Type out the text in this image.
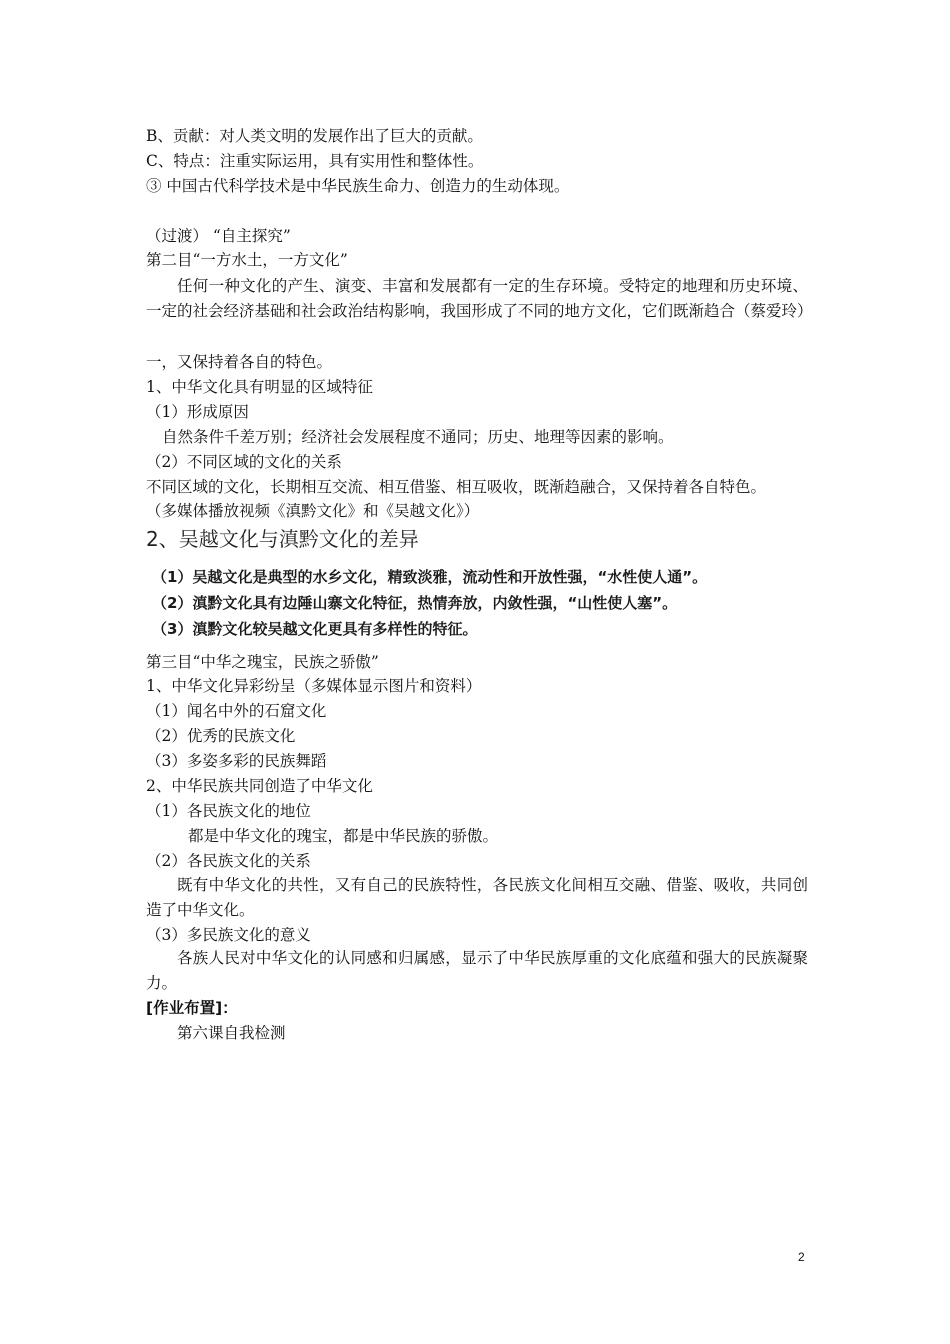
B、贡献：对人类文明的发展作出了巨大的贡献。
C、特点：注重实际运用，具有实用性和整体性。
③ 中国古代科学技术是中华民族生命力、创造力的生动体现。
（过渡） “自主探究”
第二目“一方水土，一方文化”
任何一种文化的产生、演变、丰富和发展都有一定的生存环境。受特定的地理和历史环境、一定的社会经济基础和社会政治结构影响，我国形成了不同的地方文化，它们既渐趋合（蔡爱玲）
一，又保持着各自的特色。
1、中华文化具有明显的区域特征
（1）形成原因
自然条件千差万别；经济社会发展程度不通同；历史、地理等因素的影响。
（2）不同区域的文化的关系
不同区域的文化，长期相互交流、相互借鉴、相互吸收，既渐趋融合，又保持着各自特色。
（多媒体播放视频《滇黔文化》和《吴越文化》）
2、吴越文化与滇黔文化的差异
（1）吴越文化是典型的水乡文化，精致淡雅，流动性和开放性强，“水性使人通”。
（2）滇黔文化具有边陲山寨文化特征，热情奔放，内敛性强，“山性使人塞”。
（3）滇黔文化较吴越文化更具有多样性的特征。
第三目“中华之瑰宝，民族之骄傲”
1、中华文化异彩纷呈（多媒体显示图片和资料）
（1）闻名中外的石窟文化
（2）优秀的民族文化
（3）多姿多彩的民族舞蹈
2、中华民族共同创造了中华文化
（1）各民族文化的地位
都是中华文化的瑰宝，都是中华民族的骄傲。
（2）各民族文化的关系
既有中华文化的共性，又有自己的民族特性，各民族文化间相互交融、借鉴、吸收，共同创造了中华文化。
（3）多民族文化的意义
各族人民对中华文化的认同感和归属感，显示了中华民族厚重的文化底蕴和强大的民族凝聚力。
[作业布置]：
第六课自我检测
2
